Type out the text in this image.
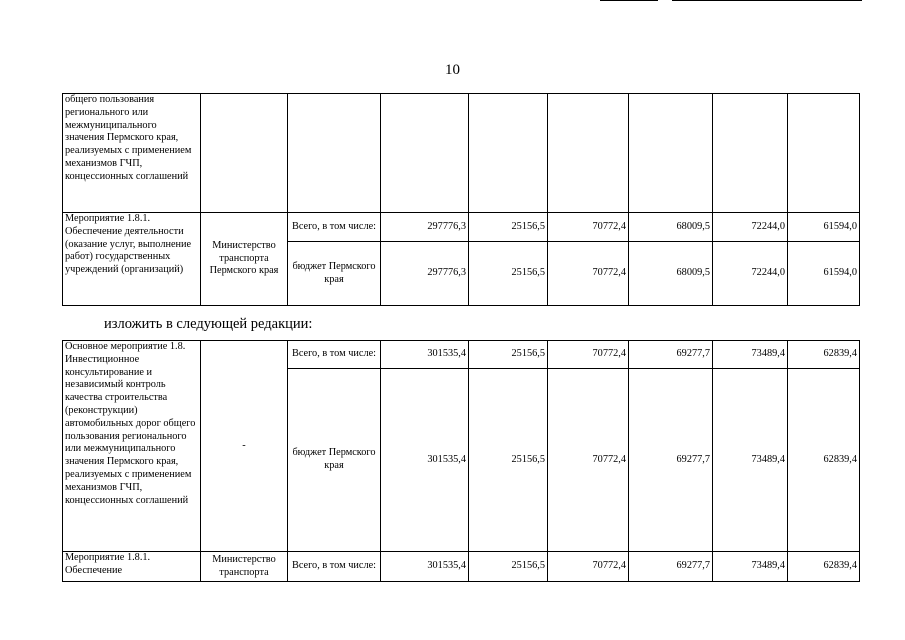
10
общего пользования регионального или межмуниципального значения Пермского края, реализуемых с применением механизмов ГЧП, концессионных соглашений								
Мероприятие 1.8.1. Обеспечение деятельности (оказание услуг, выполнение работ) государственных учреждений (организаций)	Министерство транспорта Пермского края	Всего, в том числе:	297776,3	25156,5	70772,4	68009,5	72244,0	61594,0
		бюджет Пермского края	297776,3	25156,5	70772,4	68009,5	72244,0	61594,0
изложить в следующей редакции:
Основное мероприятие 1.8. Инвестиционное консультирование и независимый контроль качества строительства (реконструкции) автомобильных дорог общего пользования регионального или межмуниципального значения Пермского края, реализуемых с применением механизмов ГЧП, концессионных соглашений	-	Всего, в том числе:	301535,4	25156,5	70772,4	69277,7	73489,4	62839,4
		бюджет Пермского края	301535,4	25156,5	70772,4	69277,7	73489,4	62839,4
Мероприятие 1.8.1. Обеспечение	Министерство транспорта	Всего, в том числе:	301535,4	25156,5	70772,4	69277,7	73489,4	62839,4
